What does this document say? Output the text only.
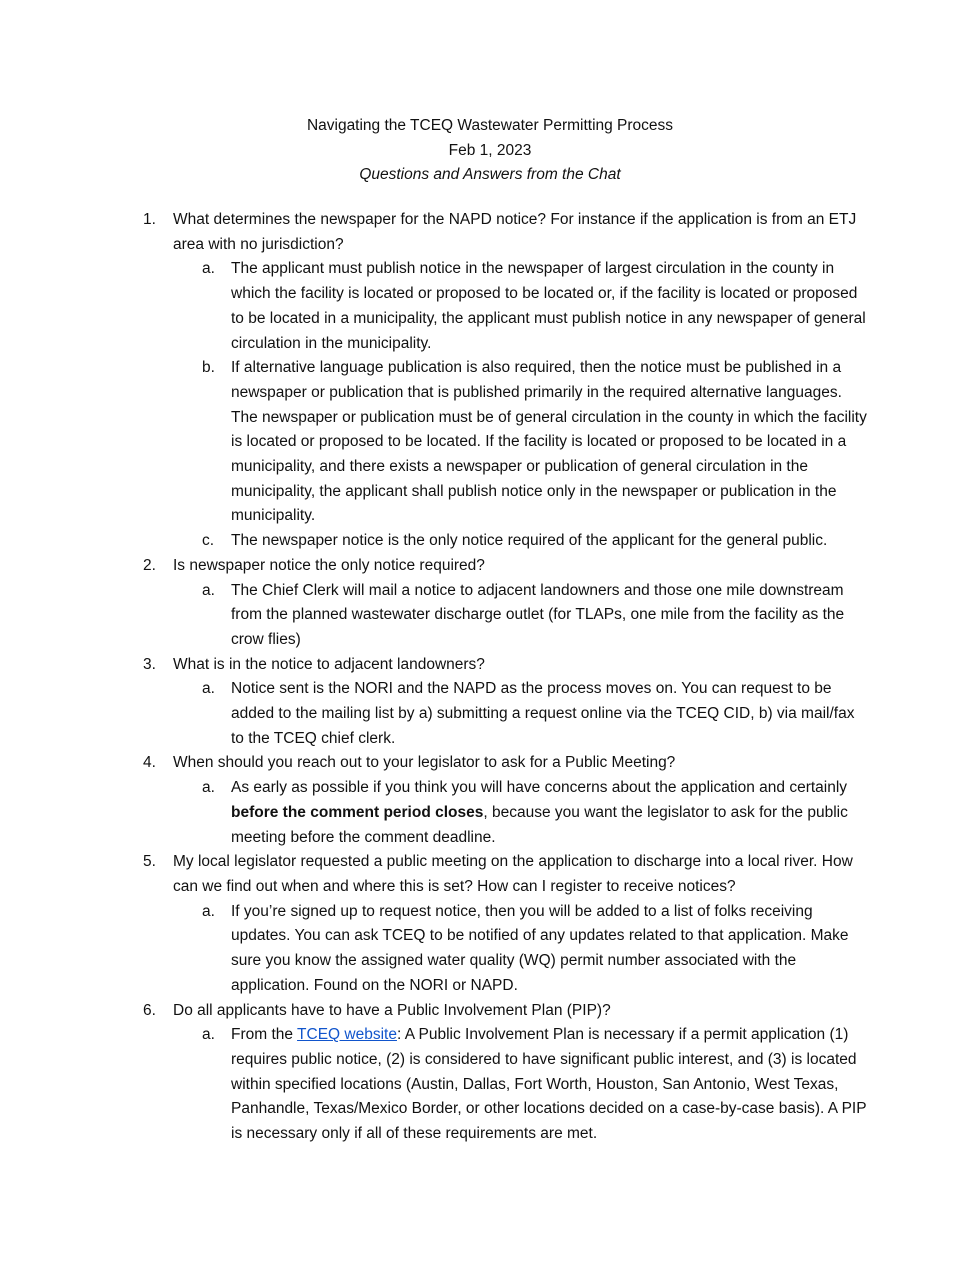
Navigating the TCEQ Wastewater Permitting Process
Feb 1, 2023
Questions and Answers from the Chat
1. What determines the newspaper for the NAPD notice? For instance if the application is from an ETJ area with no jurisdiction?
a. The applicant must publish notice in the newspaper of largest circulation in the county in which the facility is located or proposed to be located or, if the facility is located or proposed to be located in a municipality, the applicant must publish notice in any newspaper of general circulation in the municipality.
b. If alternative language publication is also required, then the notice must be published in a newspaper or publication that is published primarily in the required alternative languages. The newspaper or publication must be of general circulation in the county in which the facility is located or proposed to be located. If the facility is located or proposed to be located in a municipality, and there exists a newspaper or publication of general circulation in the municipality, the applicant shall publish notice only in the newspaper or publication in the municipality.
c. The newspaper notice is the only notice required of the applicant for the general public.
2. Is newspaper notice the only notice required?
a. The Chief Clerk will mail a notice to adjacent landowners and those one mile downstream from the planned wastewater discharge outlet (for TLAPs, one mile from the facility as the crow flies)
3. What is in the notice to adjacent landowners?
a. Notice sent is the NORI and the NAPD as the process moves on. You can request to be added to the mailing list by a) submitting a request online via the TCEQ CID, b) via mail/fax to the TCEQ chief clerk.
4. When should you reach out to your legislator to ask for a Public Meeting?
a. As early as possible if you think you will have concerns about the application and certainly before the comment period closes, because you want the legislator to ask for the public meeting before the comment deadline.
5. My local legislator requested a public meeting on the application to discharge into a local river. How can we find out when and where this is set? How can I register to receive notices?
a. If you’re signed up to request notice, then you will be added to a list of folks receiving updates. You can ask TCEQ to be notified of any updates related to that application. Make sure you know the assigned water quality (WQ) permit number associated with the application. Found on the NORI or NAPD.
6. Do all applicants have to have a Public Involvement Plan (PIP)?
a. From the TCEQ website: A Public Involvement Plan is necessary if a permit application (1) requires public notice, (2) is considered to have significant public interest, and (3) is located within specified locations (Austin, Dallas, Fort Worth, Houston, San Antonio, West Texas, Panhandle, Texas/Mexico Border, or other locations decided on a case-by-case basis). A PIP is necessary only if all of these requirements are met.
